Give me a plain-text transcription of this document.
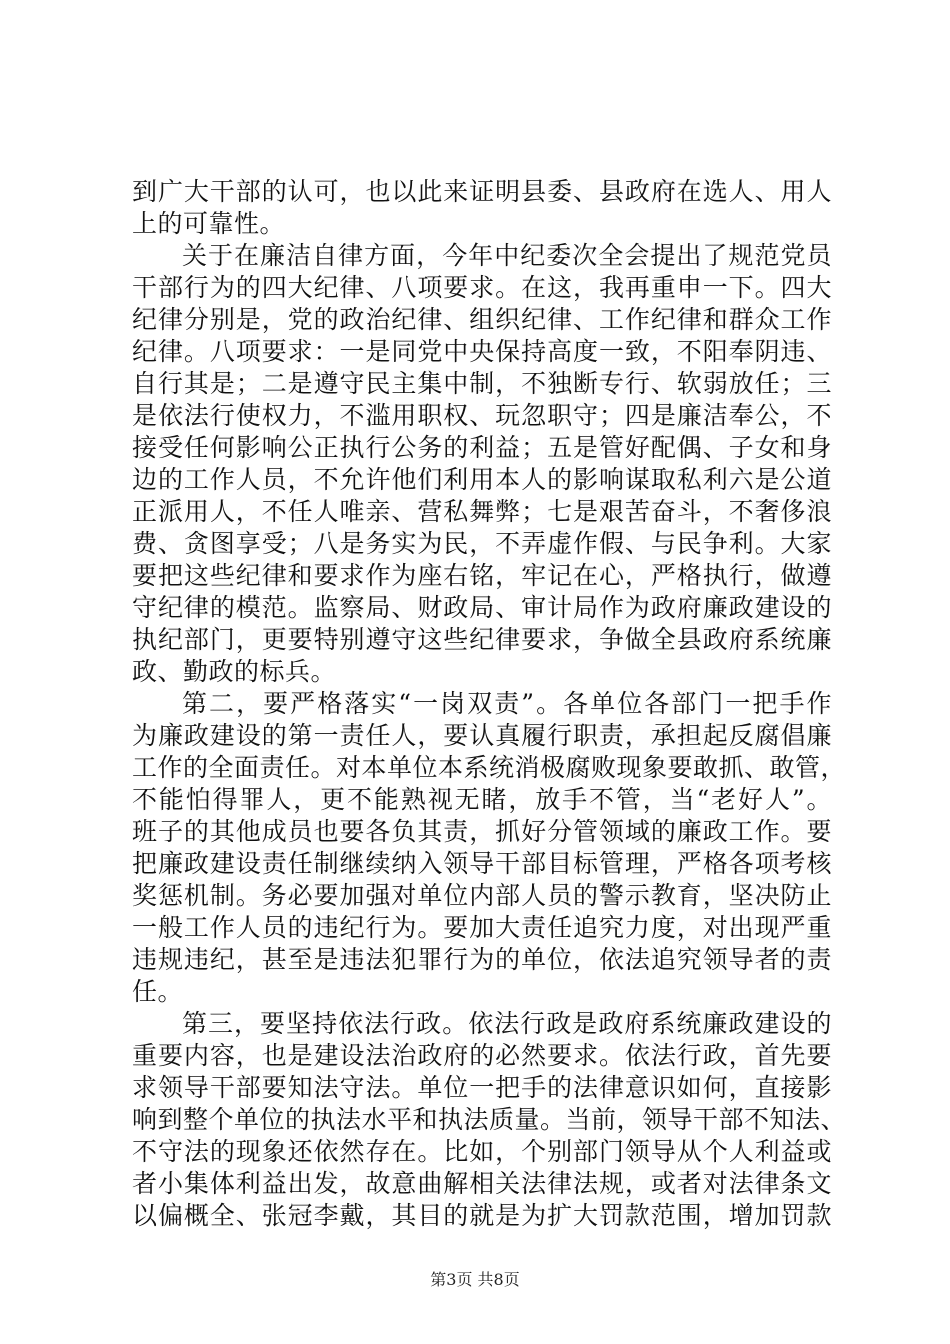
到广大干部的认可，也以此来证明县委、县政府在选人、用人
上的可靠性。
关于在廉洁自律方面，今年中纪委次全会提出了规范党员
干部行为的四大纪律、八项要求。在这，我再重申一下。四大
纪律分别是，党的政治纪律、组织纪律、工作纪律和群众工作
纪律。八项要求：一是同党中央保持高度一致，不阳奉阴违、
自行其是；二是遵守民主集中制，不独断专行、软弱放任；三
是依法行使权力，不滥用职权、玩忽职守；四是廉洁奉公，不
接受任何影响公正执行公务的利益；五是管好配偶、子女和身
边的工作人员，不允许他们利用本人的影响谋取私利六是公道
正派用人，不任人唯亲、营私舞弊；七是艰苦奋斗，不奢侈浪
费、贪图享受；八是务实为民，不弄虚作假、与民争利。大家
要把这些纪律和要求作为座右铭，牢记在心，严格执行，做遵
守纪律的模范。监察局、财政局、审计局作为政府廉政建设的
执纪部门，更要特别遵守这些纪律要求，争做全县政府系统廉
政、勤政的标兵。
第二，要严格落实“一岗双责”。各单位各部门一把手作
为廉政建设的第一责任人，要认真履行职责，承担起反腐倡廉
工作的全面责任。对本单位本系统消极腐败现象要敢抓、敢管，
不能怕得罪人，更不能熟视无睹，放手不管，当“老好人”。
班子的其他成员也要各负其责，抓好分管领域的廉政工作。要
把廉政建设责任制继续纳入领导干部目标管理，严格各项考核
奖惩机制。务必要加强对单位内部人员的警示教育，坚决防止
一般工作人员的违纪行为。要加大责任追究力度，对出现严重
违规违纪，甚至是违法犯罪行为的单位，依法追究领导者的责
任。
第三，要坚持依法行政。依法行政是政府系统廉政建设的
重要内容，也是建设法治政府的必然要求。依法行政，首先要
求领导干部要知法守法。单位一把手的法律意识如何，直接影
响到整个单位的执法水平和执法质量。当前，领导干部不知法、
不守法的现象还依然存在。比如，个别部门领导从个人利益或
者小集体利益出发，故意曲解相关法律法规，或者对法律条文
以偏概全、张冠李戴，其目的就是为扩大罚款范围，增加罚款
第3页 共8页
